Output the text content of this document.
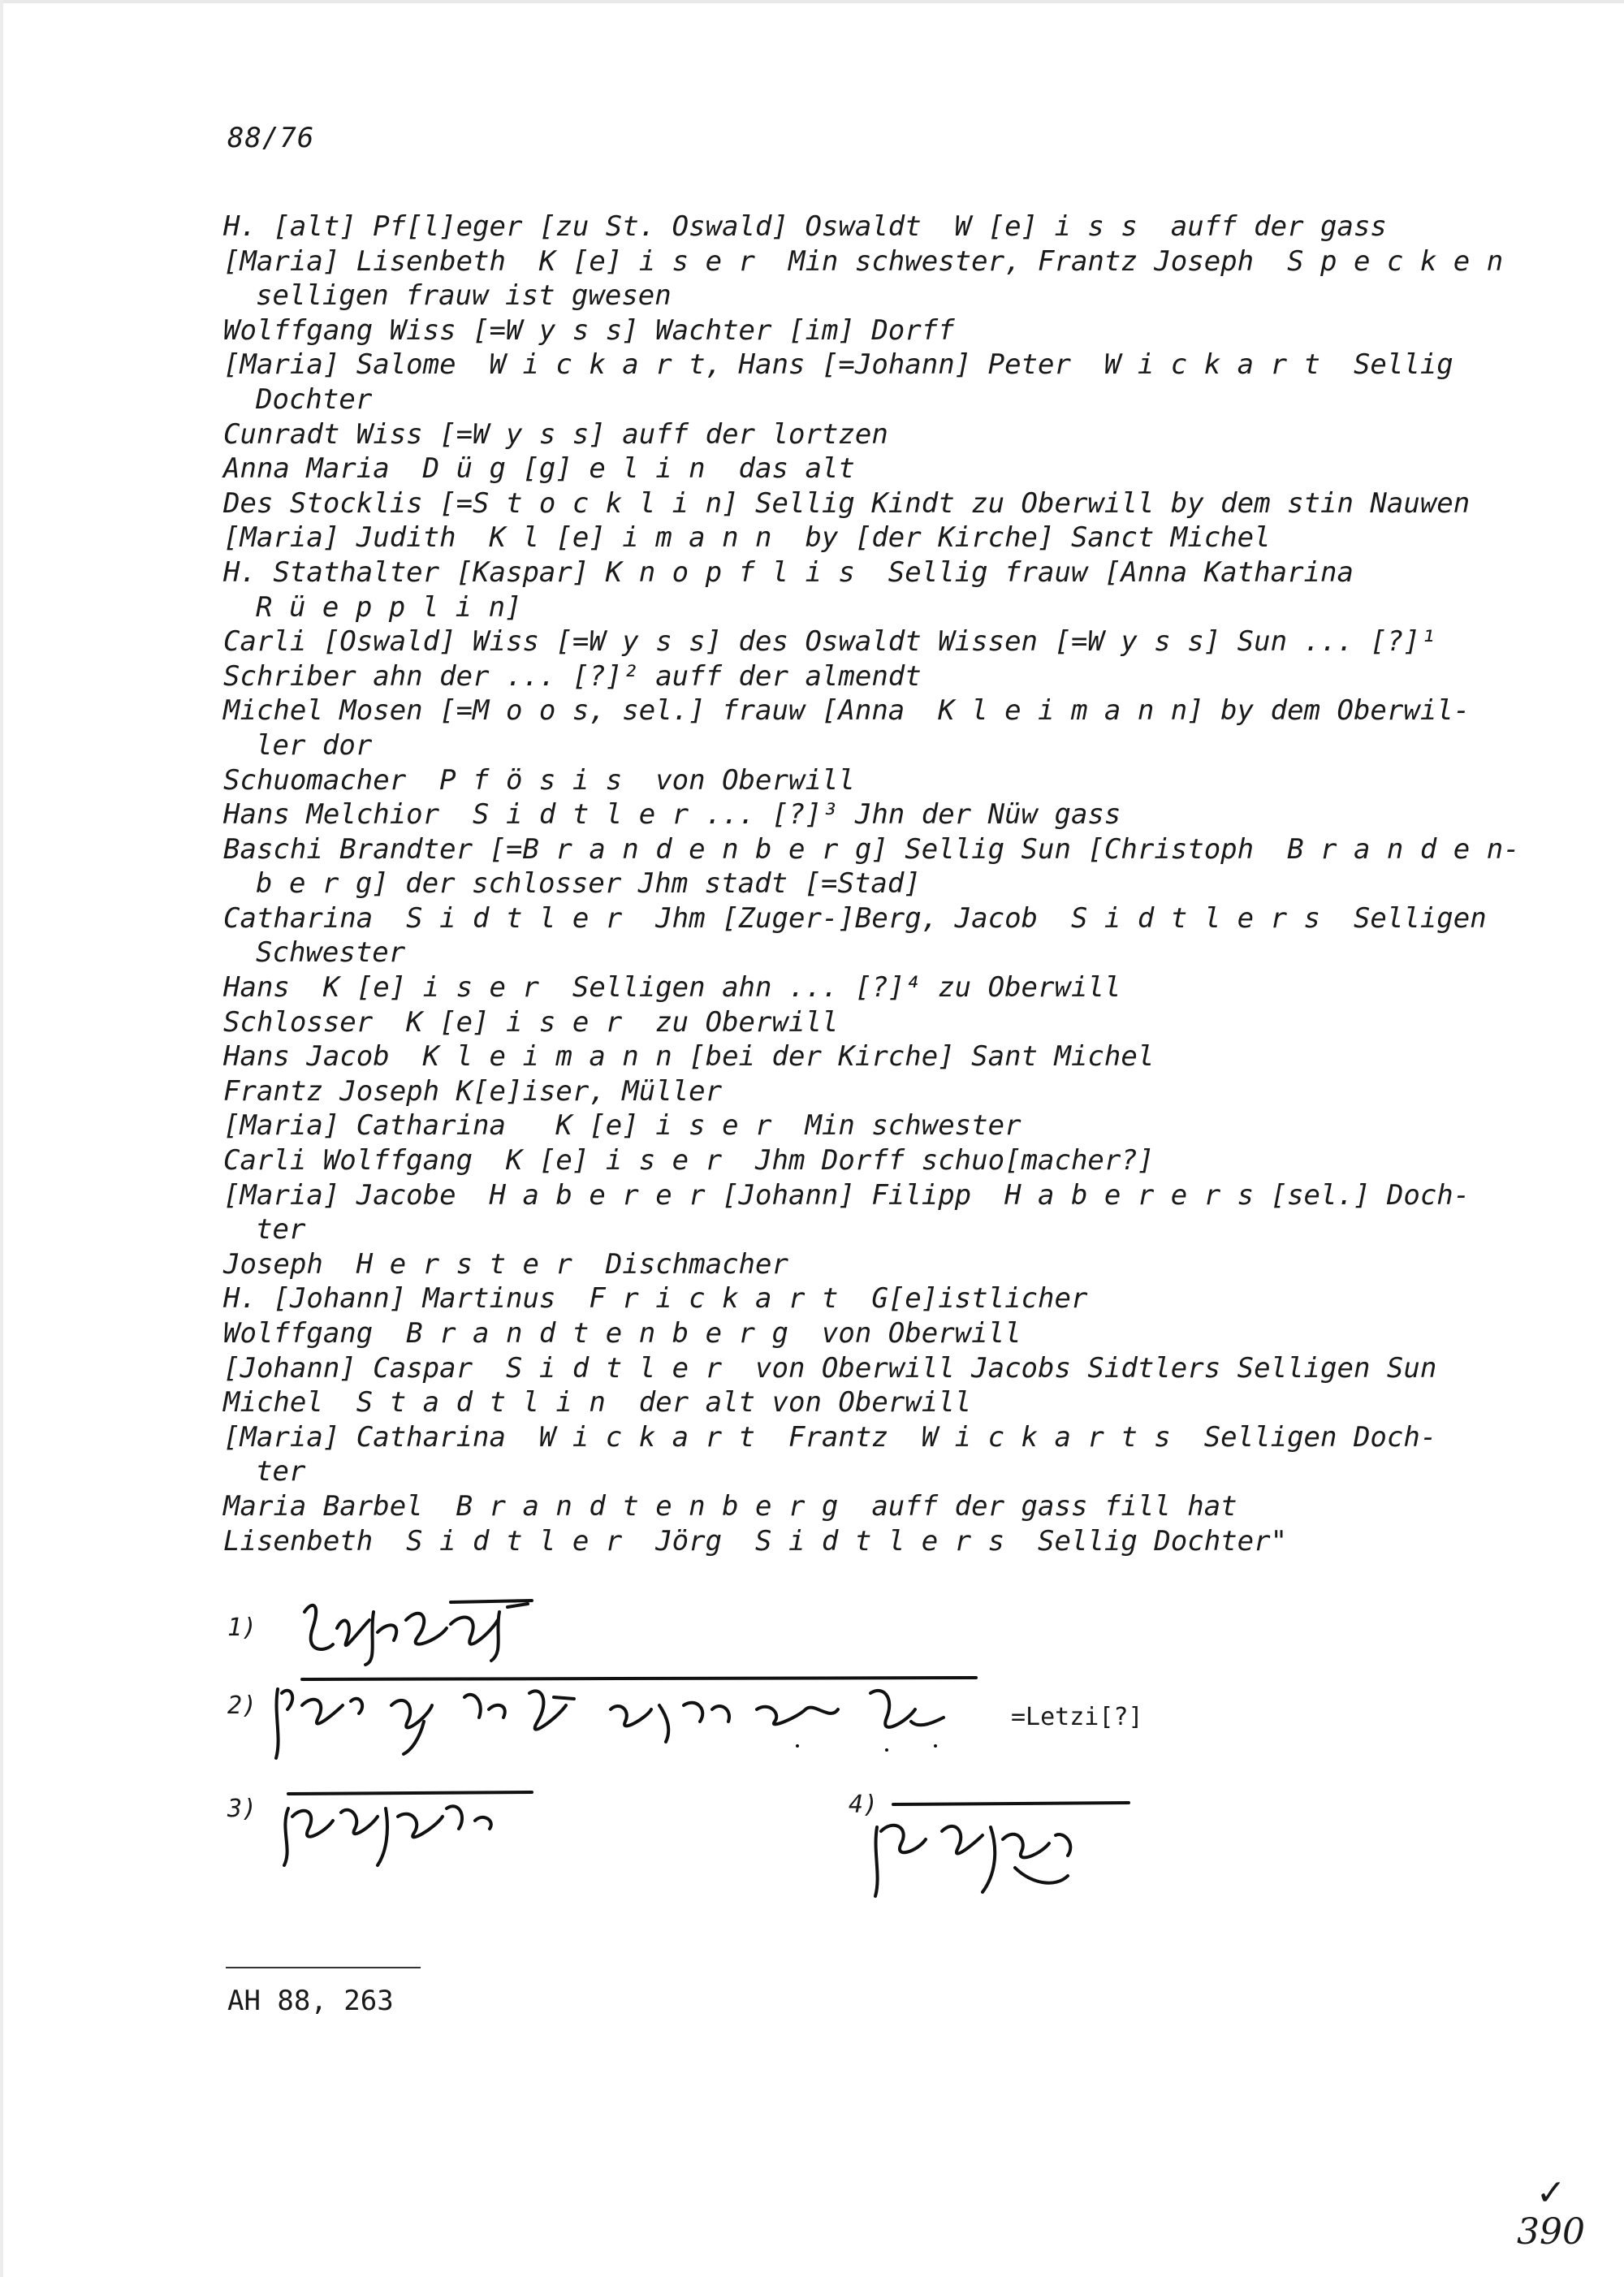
88/76
H. [alt] Pf[l]eger [zu St. Oswald] Oswaldt  W [e] i s s  auff der gass
[Maria] Lisenbeth  K [e] i s e r  Min schwester, Frantz Joseph  S p e c k e n
selligen frauw ist gwesen
Wolffgang Wiss [=W y s s] Wachter [im] Dorff
[Maria] Salome  W i c k a r t, Hans [=Johann] Peter  W i c k a r t  Sellig
Dochter
Cunradt Wiss [=W y s s] auff der lortzen
Anna Maria  D ü g [g] e l i n  das alt
Des Stocklis [=S t o c k l i n] Sellig Kindt zu Oberwill by dem stin Nauwen
[Maria] Judith  K l [e] i m a n n  by [der Kirche] Sanct Michel
H. Stathalter [Kaspar] K n o p f l i s  Sellig frauw [Anna Katharina
R ü e p p l i n]
Carli [Oswald] Wiss [=W y s s] des Oswaldt Wissen [=W y s s] Sun ... [?]¹
Schriber ahn der ... [?]² auff der almendt
Michel Mosen [=M o o s, sel.] frauw [Anna  K l e i m a n n] by dem Oberwil-
ler dor
Schuomacher  P f ö s i s  von Oberwill
Hans Melchior  S i d t l e r ... [?]³ Jhn der Nüw gass
Baschi Brandter [=B r a n d e n b e r g] Sellig Sun [Christoph  B r a n d e n-
b e r g] der schlosser Jhm stadt [=Stad]
Catharina  S i d t l e r  Jhm [Zuger-]Berg, Jacob  S i d t l e r s  Selligen
Schwester
Hans  K [e] i s e r  Selligen ahn ... [?]⁴ zu Oberwill
Schlosser  K [e] i s e r  zu Oberwill
Hans Jacob  K l e i m a n n [bei der Kirche] Sant Michel
Frantz Joseph K[e]iser, Müller
[Maria] Catharina   K [e] i s e r  Min schwester
Carli Wolffgang  K [e] i s e r  Jhm Dorff schuo[macher?]
[Maria] Jacobe  H a b e r e r [Johann] Filipp  H a b e r e r s [sel.] Doch-
ter
Joseph  H e r s t e r  Dischmacher
H. [Johann] Martinus  F r i c k a r t  G[e]istlicher
Wolffgang  B r a n d t e n b e r g  von Oberwill
[Johann] Caspar  S i d t l e r  von Oberwill Jacobs Sidtlers Selligen Sun
Michel  S t a d t l i n  der alt von Oberwill
[Maria] Catharina  W i c k a r t  Frantz  W i c k a r t s  Selligen Doch-
ter
Maria Barbel  B r a n d t e n b e r g  auff der gass fill hat
Lisenbeth  S i d t l e r  Jörg  S i d t l e r s  Sellig Dochter"
1)
2)	=Letzi[?]
3)	4)
AH 88, 263
✓
390
